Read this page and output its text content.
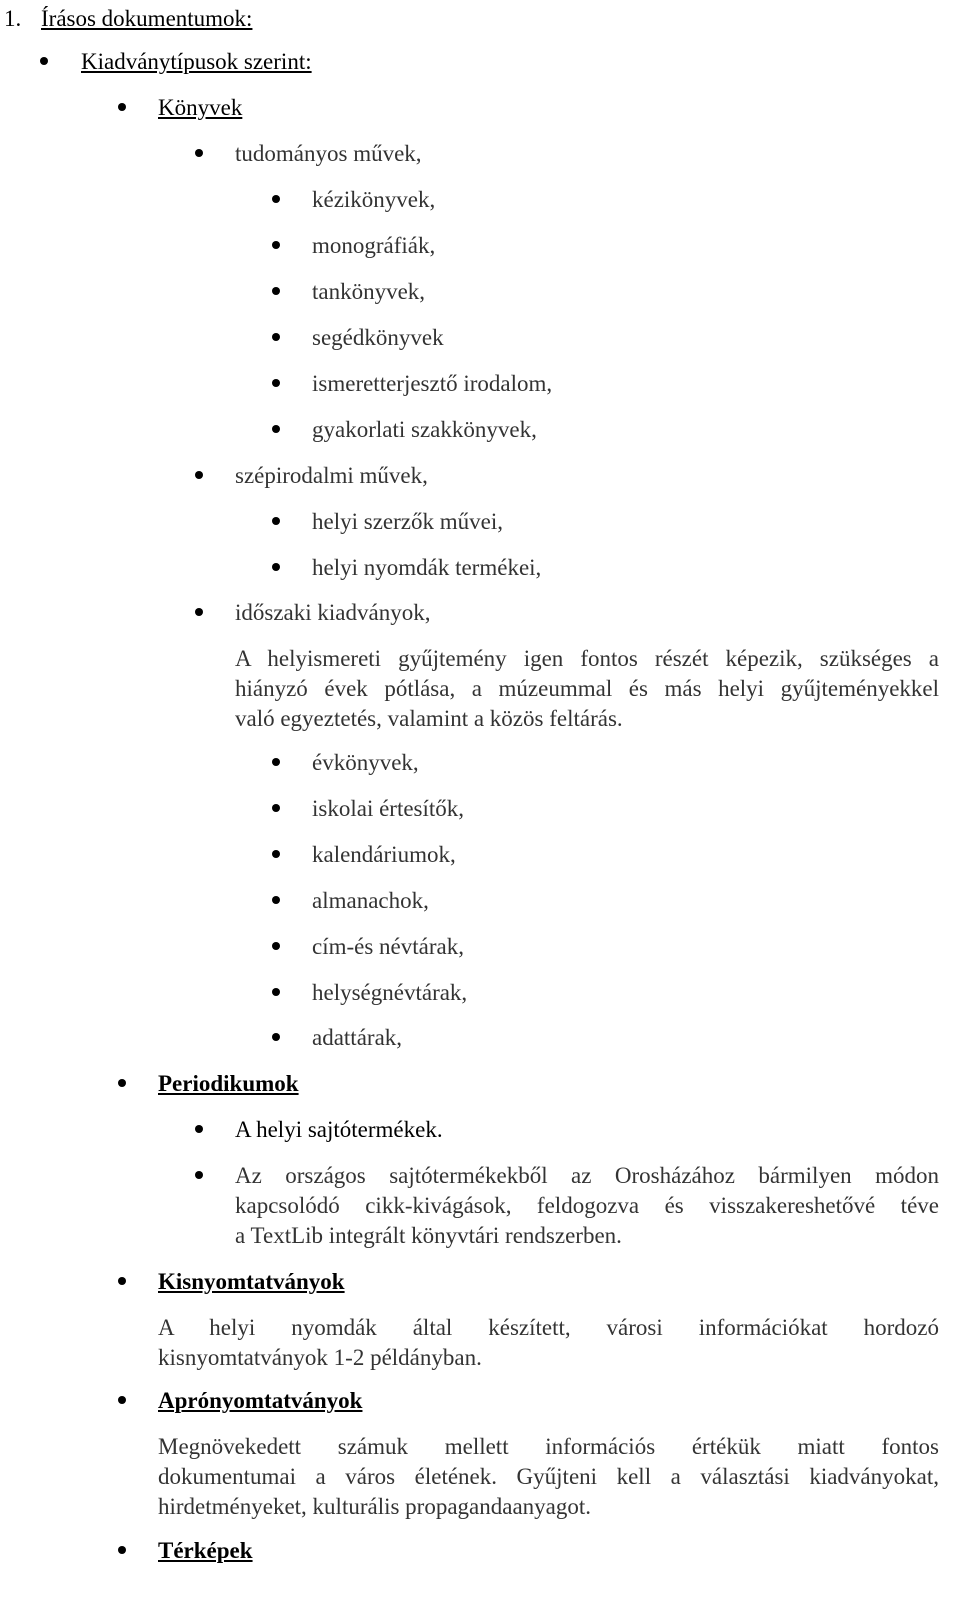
1. Írásos dokumentumok:
Kiadványtípusok szerint:
Könyvek
tudományos művek,
kézikönyvek,
monográfiák,
tankönyvek,
segédkönyvek
ismeretterjesztő irodalom,
gyakorlati szakkönyvek,
szépirodalmi művek,
helyi szerzők művei,
helyi nyomdák termékei,
időszaki kiadványok,
A helyismereti gyűjtemény igen fontos részét képezik, szükséges a
hiányzó évek pótlása, a múzeummal és más helyi gyűjteményekkel
való egyeztetés, valamint a közös feltárás.
évkönyvek,
iskolai értesítők,
kalendáriumok,
almanachok,
cím-és névtárak,
helységnévtárak,
adattárak,
Periodikumok
A helyi sajtótermékek.
Az országos sajtótermékekből az Orosházához bármilyen módon
kapcsolódó cikk-kivágások, feldogozva és visszakereshetővé téve
a TextLib integrált könyvtári rendszerben.
Kisnyomtatványok
A helyi nyomdák által készített, városi információkat hordozó
kisnyomtatványok 1-2 példányban.
Aprónyomtatványok
Megnövekedett számuk mellett információs értékük miatt fontos
dokumentumai a város életének. Gyűjteni kell a választási kiadványokat,
hirdetményeket, kulturális propagandaanyagot.
Térképek
